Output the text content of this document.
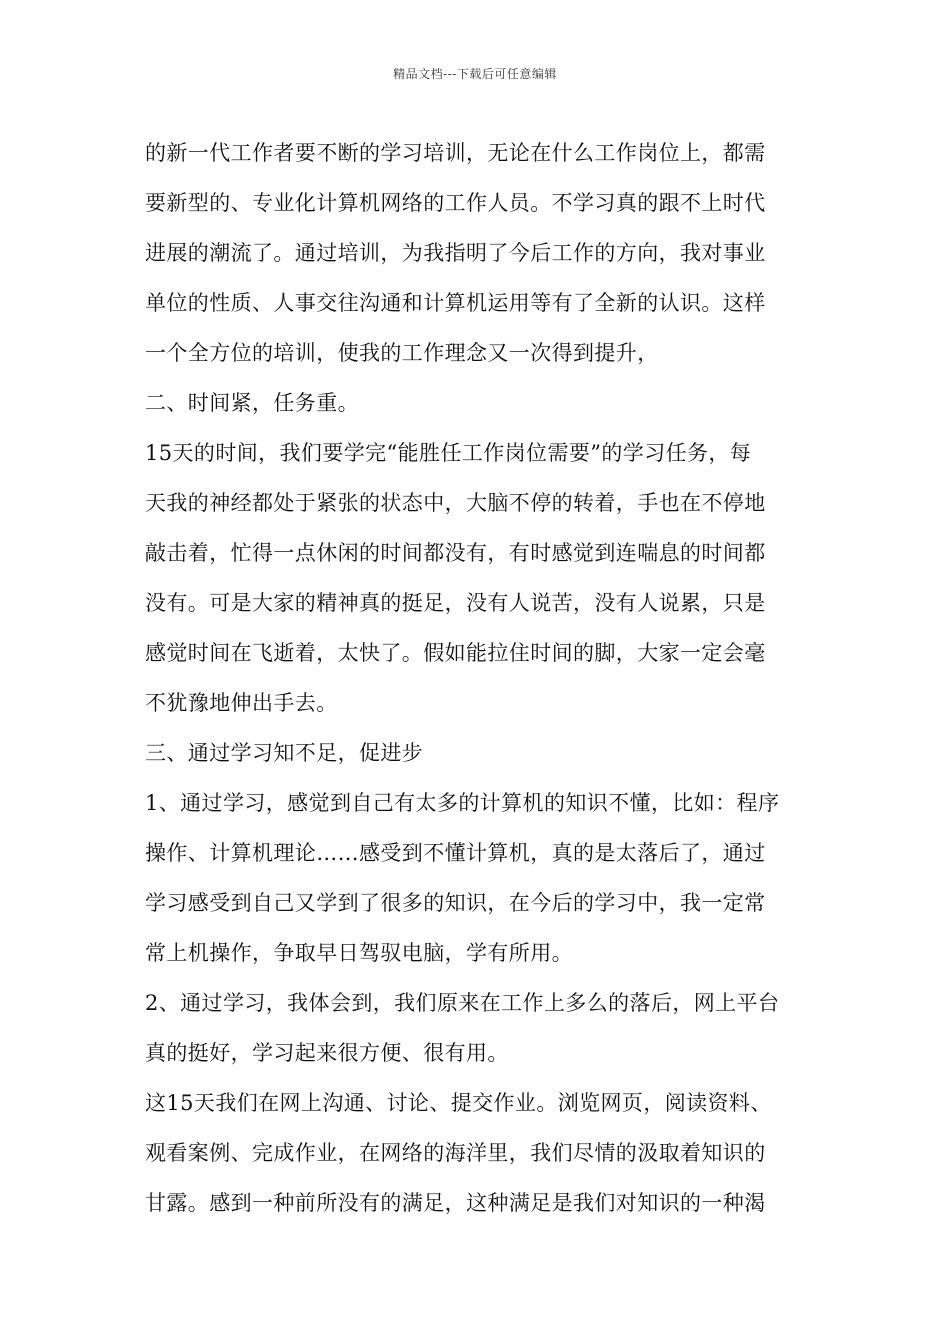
精品文档---下载后可任意编辑
的新一代工作者要不断的学习培训，无论在什么工作岗位上，都需
要新型的、专业化计算机网络的工作人员。不学习真的跟不上时代
进展的潮流了。通过培训，为我指明了今后工作的方向，我对事业
单位的性质、人事交往沟通和计算机运用等有了全新的认识。这样
一个全方位的培训，使我的工作理念又一次得到提升，
二、时间紧，任务重。
15天的时间，我们要学完“能胜任工作岗位需要”的学习任务，每
天我的神经都处于紧张的状态中，大脑不停的转着，手也在不停地
敲击着，忙得一点休闲的时间都没有，有时感觉到连喘息的时间都
没有。可是大家的精神真的挺足，没有人说苦，没有人说累，只是
感觉时间在飞逝着，太快了。假如能拉住时间的脚，大家一定会毫
不犹豫地伸出手去。
三、通过学习知不足，促进步
1、通过学习，感觉到自己有太多的计算机的知识不懂，比如：程序
操作、计算机理论……感受到不懂计算机，真的是太落后了，通过
学习感受到自己又学到了很多的知识，在今后的学习中，我一定常
常上机操作，争取早日驾驭电脑，学有所用。
2、通过学习，我体会到，我们原来在工作上多么的落后，网上平台
真的挺好，学习起来很方便、很有用。
这15天我们在网上沟通、讨论、提交作业。浏览网页，阅读资料、
观看案例、完成作业，在网络的海洋里，我们尽情的汲取着知识的
甘露。感到一种前所没有的满足，这种满足是我们对知识的一种渴
